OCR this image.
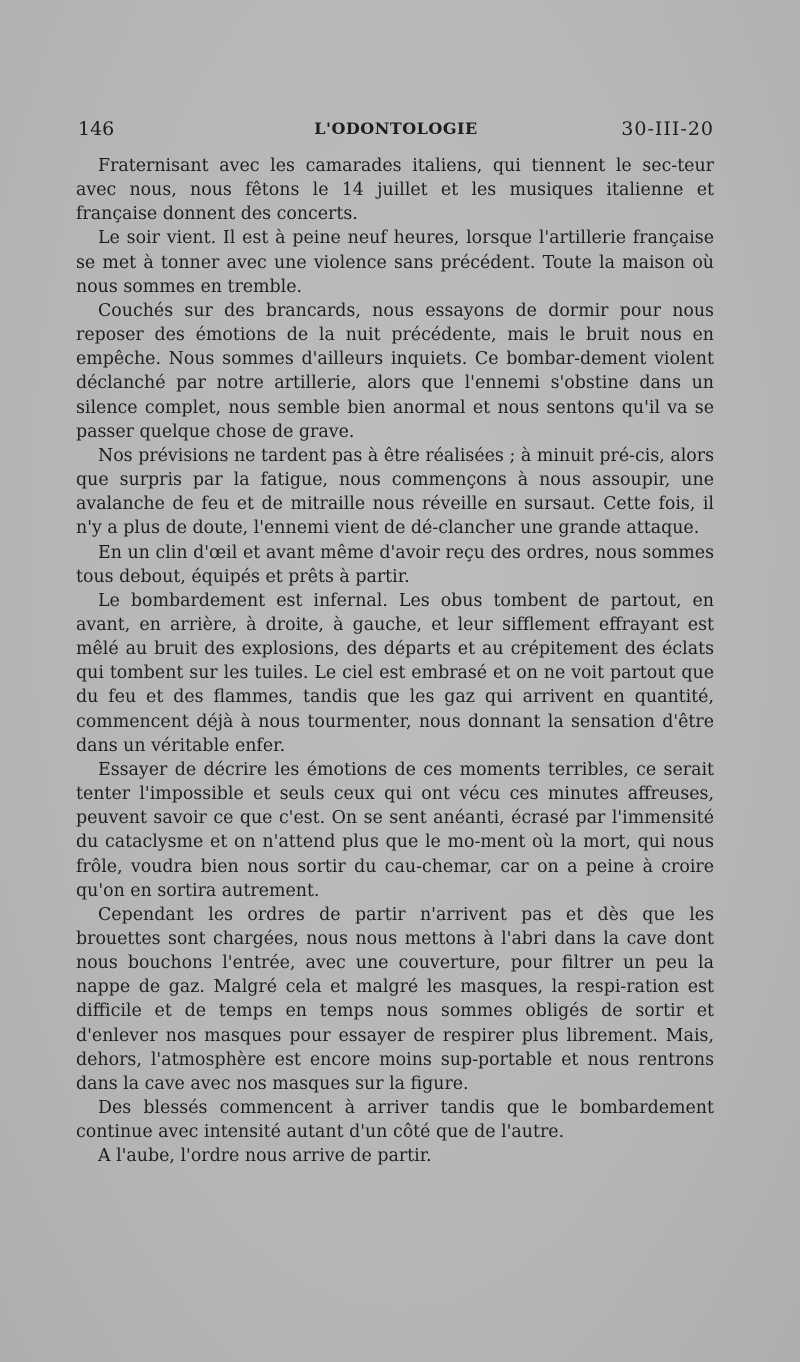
146	L'ODONTOLOGIE	30-III-20

Fraternisant avec les camarades italiens, qui tiennent le sec-teur avec nous, nous fêtons le 14 juillet et les musiques italienne et française donnent des concerts.

Le soir vient. Il est à peine neuf heures, lorsque l'artillerie française se met à tonner avec une violence sans précédent. Toute la maison où nous sommes en tremble.

Couchés sur des brancards, nous essayons de dormir pour nous reposer des émotions de la nuit précédente, mais le bruit nous en empêche. Nous sommes d'ailleurs inquiets. Ce bombar-dement violent déclanché par notre artillerie, alors que l'ennemi s'obstine dans un silence complet, nous semble bien anormal et nous sentons qu'il va se passer quelque chose de grave.

Nos prévisions ne tardent pas à être réalisées ; à minuit pré-cis, alors que surpris par la fatigue, nous commençons à nous assoupir, une avalanche de feu et de mitraille nous réveille en sursaut. Cette fois, il n'y a plus de doute, l'ennemi vient de dé-clancher une grande attaque.

En un clin d'œil et avant même d'avoir reçu des ordres, nous sommes tous debout, équipés et prêts à partir.

Le bombardement est infernal. Les obus tombent de partout, en avant, en arrière, à droite, à gauche, et leur sifflement effrayant est mêlé au bruit des explosions, des départs et au crépitement des éclats qui tombent sur les tuiles. Le ciel est embrasé et on ne voit partout que du feu et des flammes, tandis que les gaz qui arrivent en quantité, commencent déjà à nous tourmenter, nous donnant la sensation d'être dans un véritable enfer.

Essayer de décrire les émotions de ces moments terribles, ce serait tenter l'impossible et seuls ceux qui ont vécu ces minutes affreuses, peuvent savoir ce que c'est. On se sent anéanti, écrasé par l'immensité du cataclysme et on n'attend plus que le mo-ment où la mort, qui nous frôle, voudra bien nous sortir du cau-chemar, car on a peine à croire qu'on en sortira autrement.

Cependant les ordres de partir n'arrivent pas et dès que les brouettes sont chargées, nous nous mettons à l'abri dans la cave dont nous bouchons l'entrée, avec une couverture, pour filtrer un peu la nappe de gaz. Malgré cela et malgré les masques, la respi-ration est difficile et de temps en temps nous sommes obligés de sortir et d'enlever nos masques pour essayer de respirer plus librement. Mais, dehors, l'atmosphère est encore moins sup-portable et nous rentrons dans la cave avec nos masques sur la figure.

Des blessés commencent à arriver tandis que le bombardement continue avec intensité autant d'un côté que de l'autre.

A l'aube, l'ordre nous arrive de partir.
